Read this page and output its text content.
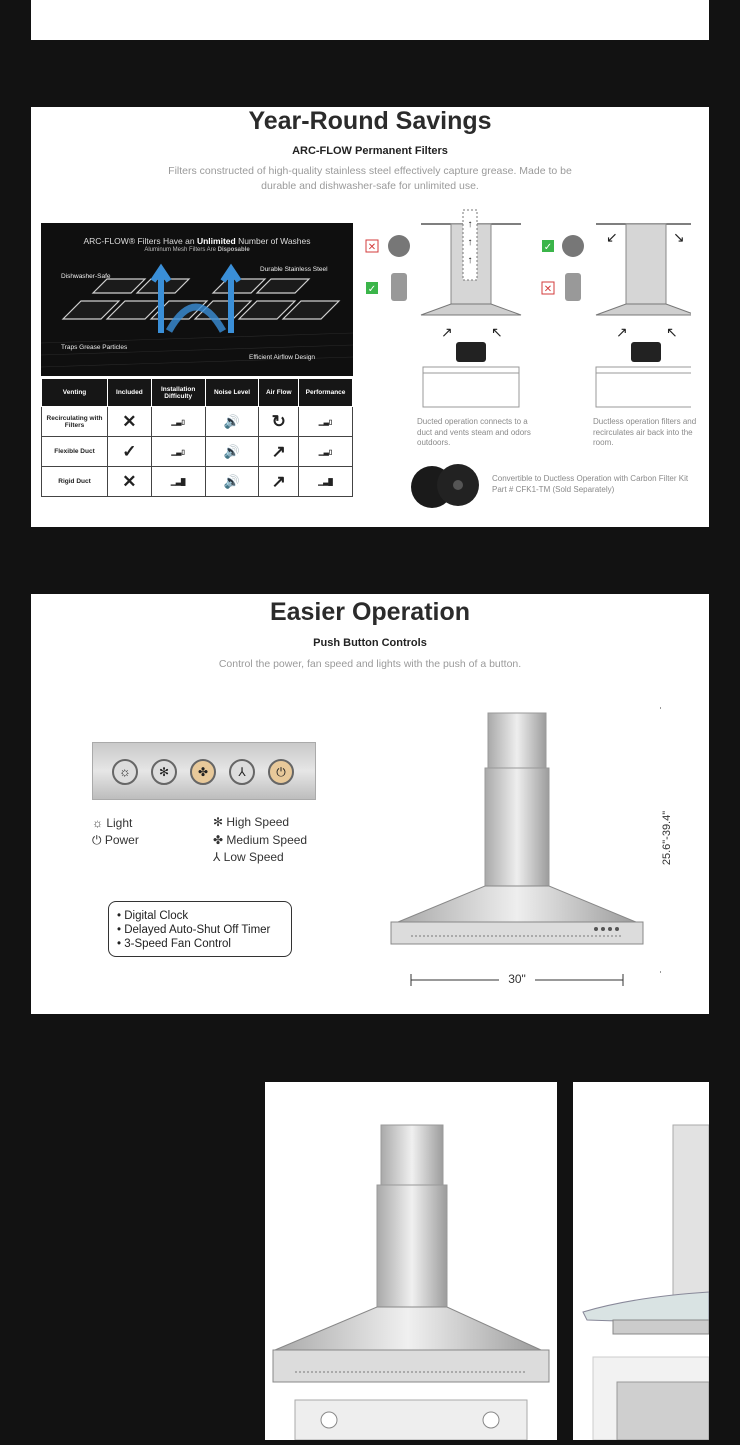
Year-Round Savings
ARC-FLOW Permanent Filters
Filters constructed of high-quality stainless steel effectively capture grease. Made to be durable and dishwasher-safe for unlimited use.
ARC-FLOW® Filters Have an Unlimited Number of Washes
Aluminum Mesh Filters Are Disposable
Dishwasher-Safe
Durable Stainless Steel
Traps Grease Particles
Efficient Airflow Design
Venting	Included	Installation Difficulty	Noise Level	Air Flow	Performance
Recirculating with Filters	✕	▁▃▯	🔊	↻	▁▃▯
Flexible Duct	✓	▁▃▯	🔊	↗	▁▃▯
Rigid Duct	✕	▁▃█	🔊	↗	▁▃█
↑
↑
↑
✕
✓
↗	↖
↙	↘
✓
✕
↗	↖
Ducted operation connects to a duct and vents steam and odors outdoors.
Ductless operation filters and recirculates air back into the room.
Convertible to Ductless Operation with Carbon Filter Kit Part # CFK1-TM (Sold Separately)
Easier Operation
Push Button Controls
Control the power, fan speed and lights with the push of a button.
☼	✻	✤	⅄	⏻
☼ Light
⏻ Power
✻ High Speed
✤ Medium Speed
⅄ Low Speed
• Digital Clock
• Delayed Auto-Shut Off Timer
• 3-Speed Fan Control
25.6"-39.4"
30"
